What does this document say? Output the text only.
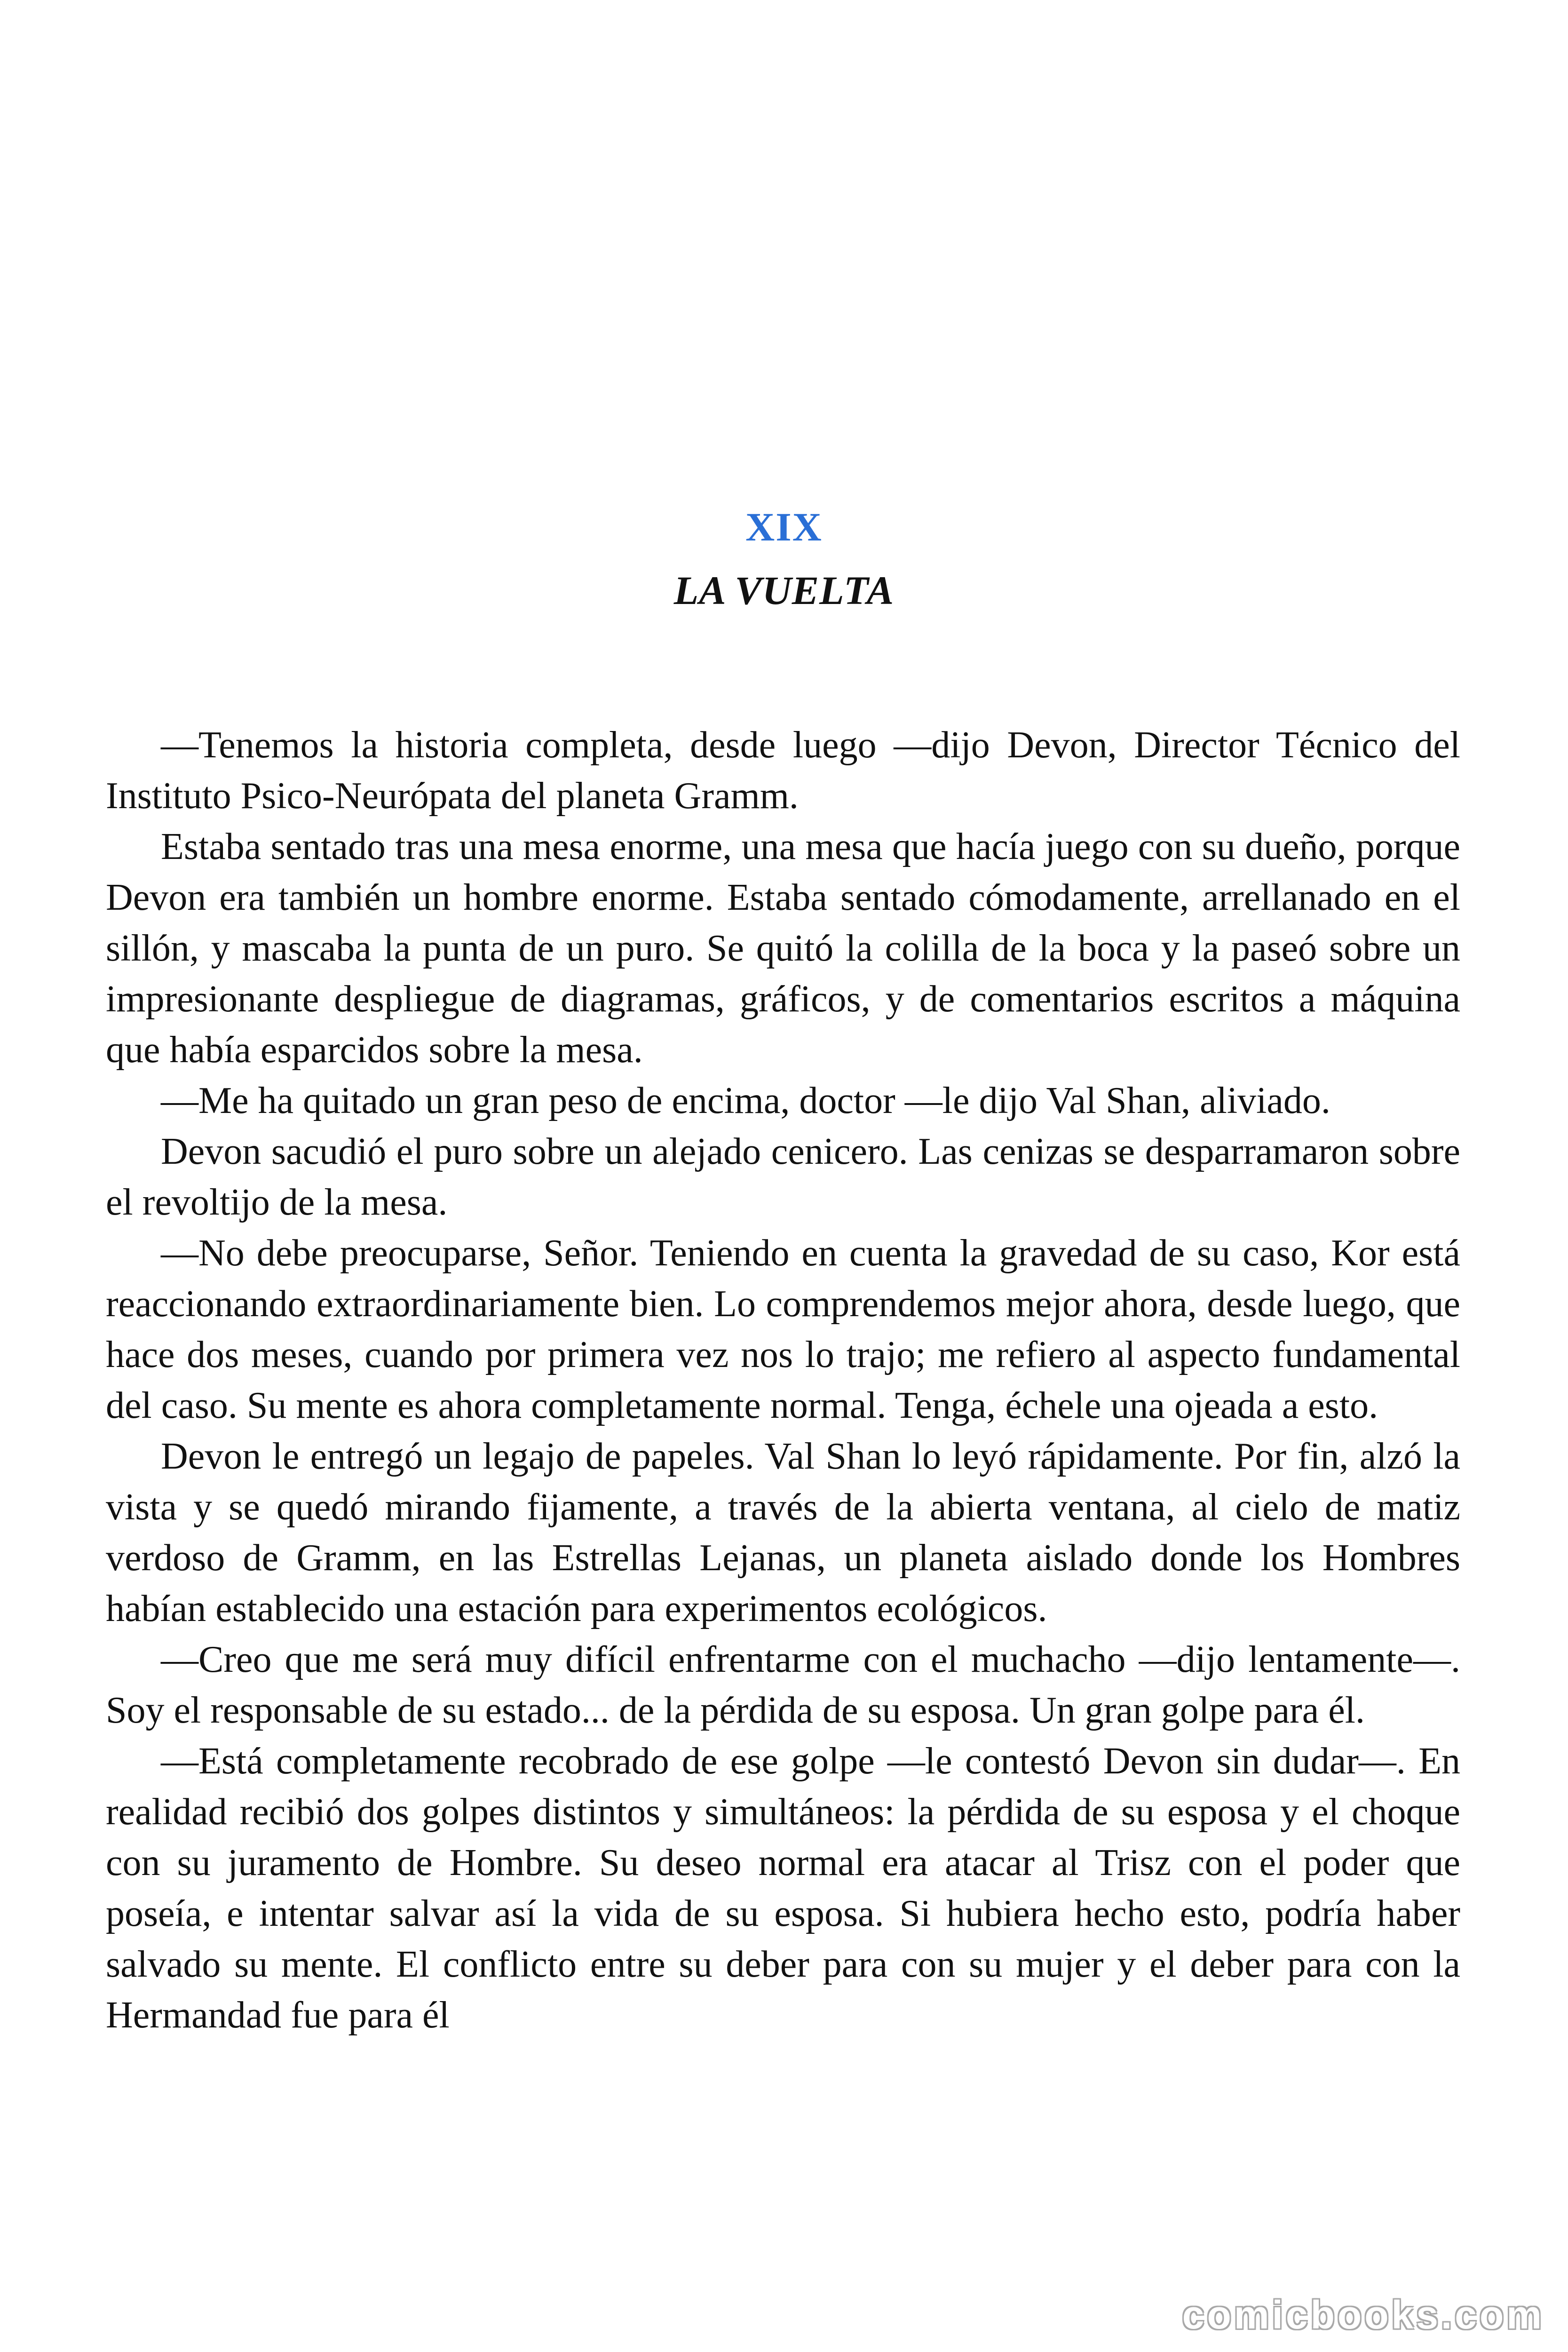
XIX
LA VUELTA

—Tenemos la historia completa, desde luego —dijo Devon, Director Técnico del Instituto Psico-Neurópata del planeta Gramm.

Estaba sentado tras una mesa enorme, una mesa que hacía juego con su dueño, porque Devon era también un hombre enorme. Estaba sentado cómodamente, arrellanado en el sillón, y mascaba la punta de un puro. Se quitó la colilla de la boca y la paseó sobre un impresionante despliegue de diagramas, gráficos, y de comentarios escritos a máquina que había esparcidos sobre la mesa.

—Me ha quitado un gran peso de encima, doctor —le dijo Val Shan, aliviado.

Devon sacudió el puro sobre un alejado cenicero. Las cenizas se desparramaron sobre el revoltijo de la mesa.

—No debe preocuparse, Señor. Teniendo en cuenta la gravedad de su caso, Kor está reaccionando extraordinariamente bien. Lo comprendemos mejor ahora, desde luego, que hace dos meses, cuando por primera vez nos lo trajo; me refiero al aspecto fundamental del caso. Su mente es ahora completamente normal. Tenga, échele una ojeada a esto.

Devon le entregó un legajo de papeles. Val Shan lo leyó rápidamente. Por fin, alzó la vista y se quedó mirando fijamente, a través de la abierta ventana, al cielo de matiz verdoso de Gramm, en las Estrellas Lejanas, un planeta aislado donde los Hombres habían establecido una estación para experimentos ecológicos.

—Creo que me será muy difícil enfrentarme con el muchacho —dijo lentamente—. Soy el responsable de su estado... de la pérdida de su esposa. Un gran golpe para él.

—Está completamente recobrado de ese golpe —le contestó Devon sin dudar—. En realidad recibió dos golpes distintos y simultáneos: la pérdida de su esposa y el choque con su juramento de Hombre. Su deseo normal era atacar al Trisz con el poder que poseía, e intentar salvar así la vida de su esposa. Si hubiera hecho esto, podría haber salvado su mente. El conflicto entre su deber para con su mujer y el deber para con la Hermandad fue para él

comicbooks.com
